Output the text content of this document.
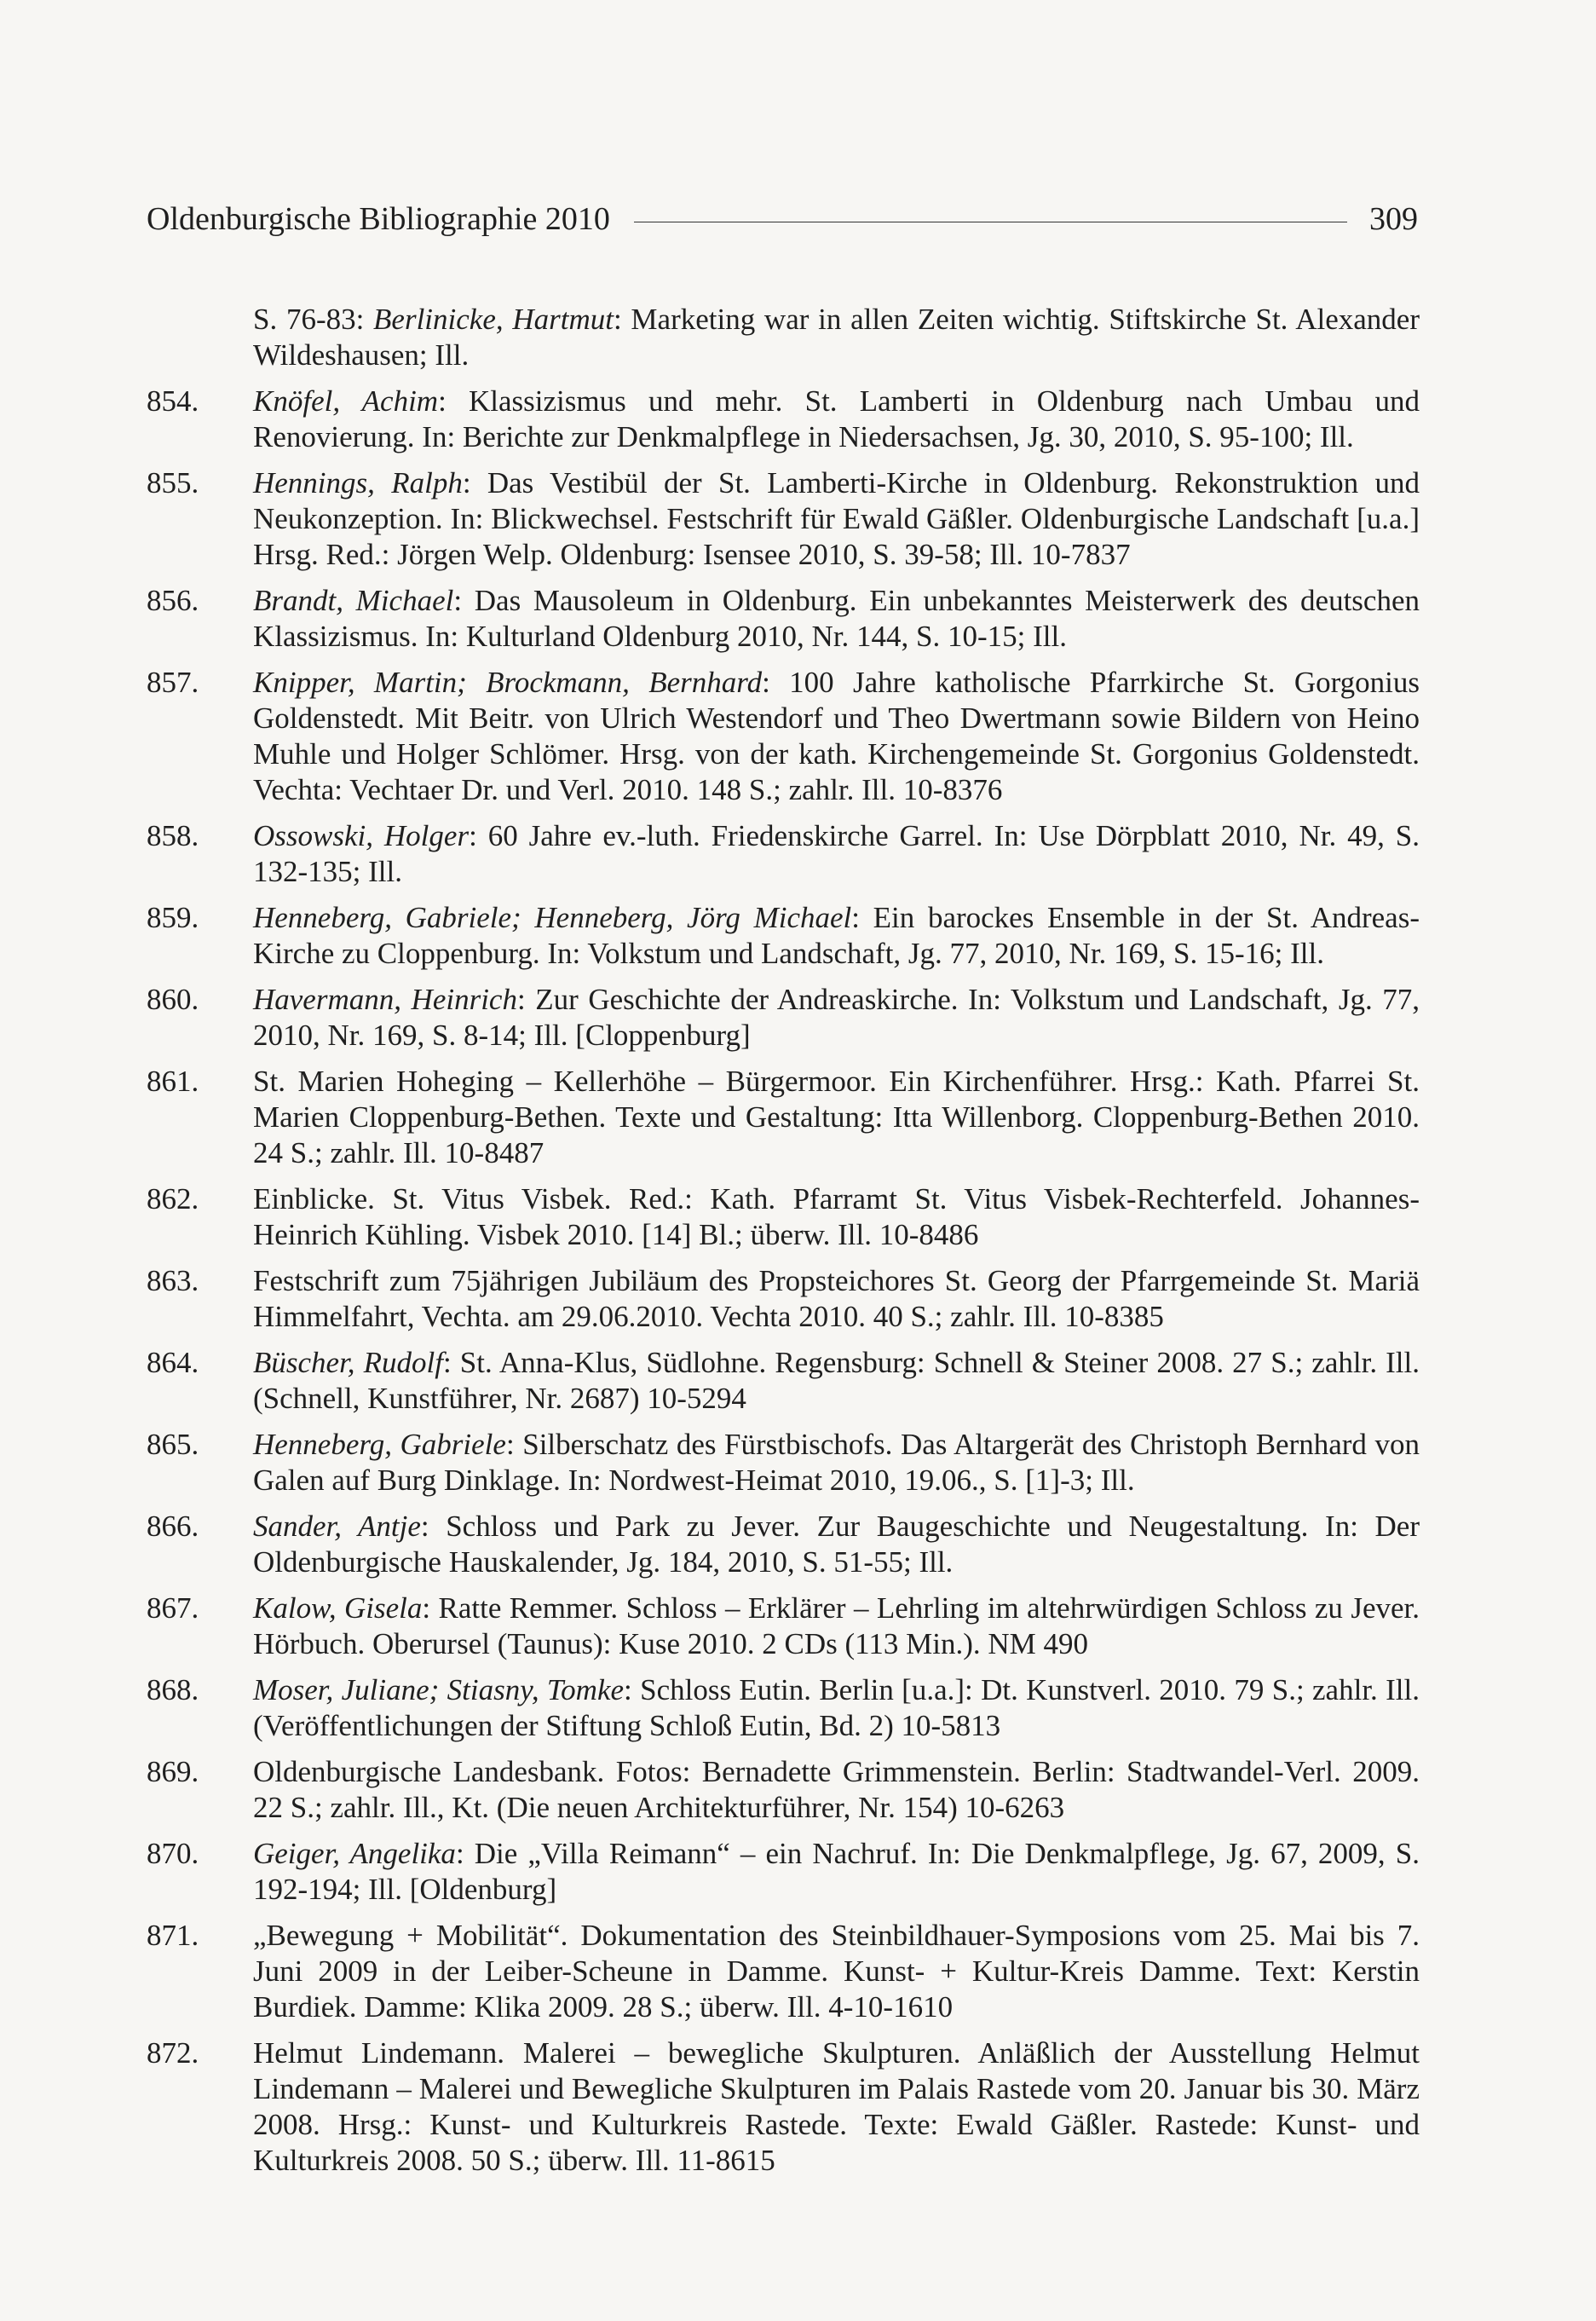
Oldenburgische Bibliographie 2010	309
S. 76-83: Berlinicke, Hartmut: Marketing war in allen Zeiten wichtig. Stiftskirche St. Alexander Wildeshausen; Ill.
854. Knöfel, Achim: Klassizismus und mehr. St. Lamberti in Oldenburg nach Umbau und Renovierung. In: Berichte zur Denkmalpflege in Niedersachsen, Jg. 30, 2010, S. 95-100; Ill.
855. Hennings, Ralph: Das Vestibül der St. Lamberti-Kirche in Oldenburg. Rekonstruktion und Neukonzeption. In: Blickwechsel. Festschrift für Ewald Gäßler. Oldenburgische Landschaft [u.a.] Hrsg. Red.: Jörgen Welp. Oldenburg: Isensee 2010, S. 39-58; Ill. 10-7837
856. Brandt, Michael: Das Mausoleum in Oldenburg. Ein unbekanntes Meisterwerk des deutschen Klassizismus. In: Kulturland Oldenburg 2010, Nr. 144, S. 10-15; Ill.
857. Knipper, Martin; Brockmann, Bernhard: 100 Jahre katholische Pfarrkirche St. Gorgonius Goldenstedt. Mit Beitr. von Ulrich Westendorf und Theo Dwertmann sowie Bildern von Heino Muhle und Holger Schlömer. Hrsg. von der kath. Kirchengemeinde St. Gorgonius Goldenstedt. Vechta: Vechtaer Dr. und Verl. 2010. 148 S.; zahlr. Ill. 10-8376
858. Ossowski, Holger: 60 Jahre ev.-luth. Friedenskirche Garrel. In: Use Dörpblatt 2010, Nr. 49, S. 132-135; Ill.
859. Henneberg, Gabriele; Henneberg, Jörg Michael: Ein barockes Ensemble in der St. Andreas-Kirche zu Cloppenburg. In: Volkstum und Landschaft, Jg. 77, 2010, Nr. 169, S. 15-16; Ill.
860. Havermann, Heinrich: Zur Geschichte der Andreaskirche. In: Volkstum und Landschaft, Jg. 77, 2010, Nr. 169, S. 8-14; Ill. [Cloppenburg]
861. St. Marien Hoheging – Kellerhöhe – Bürgermoor. Ein Kirchenführer. Hrsg.: Kath. Pfarrei St. Marien Cloppenburg-Bethen. Texte und Gestaltung: Itta Willenborg. Cloppenburg-Bethen 2010. 24 S.; zahlr. Ill. 10-8487
862. Einblicke. St. Vitus Visbek. Red.: Kath. Pfarramt St. Vitus Visbek-Rechterfeld. Johannes-Heinrich Kühling. Visbek 2010. [14] Bl.; überw. Ill. 10-8486
863. Festschrift zum 75jährigen Jubiläum des Propsteichores St. Georg der Pfarrgemeinde St. Mariä Himmelfahrt, Vechta. am 29.06.2010. Vechta 2010. 40 S.; zahlr. Ill. 10-8385
864. Büscher, Rudolf: St. Anna-Klus, Südlohne. Regensburg: Schnell & Steiner 2008. 27 S.; zahlr. Ill. (Schnell, Kunstführer, Nr. 2687) 10-5294
865. Henneberg, Gabriele: Silberschatz des Fürstbischofs. Das Altargerät des Christoph Bernhard von Galen auf Burg Dinklage. In: Nordwest-Heimat 2010, 19.06., S. [1]-3; Ill.
866. Sander, Antje: Schloss und Park zu Jever. Zur Baugeschichte und Neugestaltung. In: Der Oldenburgische Hauskalender, Jg. 184, 2010, S. 51-55; Ill.
867. Kalow, Gisela: Ratte Remmer. Schloss – Erklärer – Lehrling im altehrwürdigen Schloss zu Jever. Hörbuch. Oberursel (Taunus): Kuse 2010. 2 CDs (113 Min.). NM 490
868. Moser, Juliane; Stiasny, Tomke: Schloss Eutin. Berlin [u.a.]: Dt. Kunstverl. 2010. 79 S.; zahlr. Ill. (Veröffentlichungen der Stiftung Schloß Eutin, Bd. 2) 10-5813
869. Oldenburgische Landesbank. Fotos: Bernadette Grimmenstein. Berlin: Stadtwandel-Verl. 2009. 22 S.; zahlr. Ill., Kt. (Die neuen Architekturführer, Nr. 154) 10-6263
870. Geiger, Angelika: Die „Villa Reimann“ – ein Nachruf. In: Die Denkmalpflege, Jg. 67, 2009, S. 192-194; Ill. [Oldenburg]
871. „Bewegung + Mobilität“. Dokumentation des Steinbildhauer-Symposions vom 25. Mai bis 7. Juni 2009 in der Leiber-Scheune in Damme. Kunst- + Kultur-Kreis Damme. Text: Kerstin Burdiek. Damme: Klika 2009. 28 S.; überw. Ill. 4-10-1610
872. Helmut Lindemann. Malerei – bewegliche Skulpturen. Anläßlich der Ausstellung Helmut Lindemann – Malerei und Bewegliche Skulpturen im Palais Rastede vom 20. Januar bis 30. März 2008. Hrsg.: Kunst- und Kulturkreis Rastede. Texte: Ewald Gäßler. Rastede: Kunst- und Kulturkreis 2008. 50 S.; überw. Ill. 11-8615
